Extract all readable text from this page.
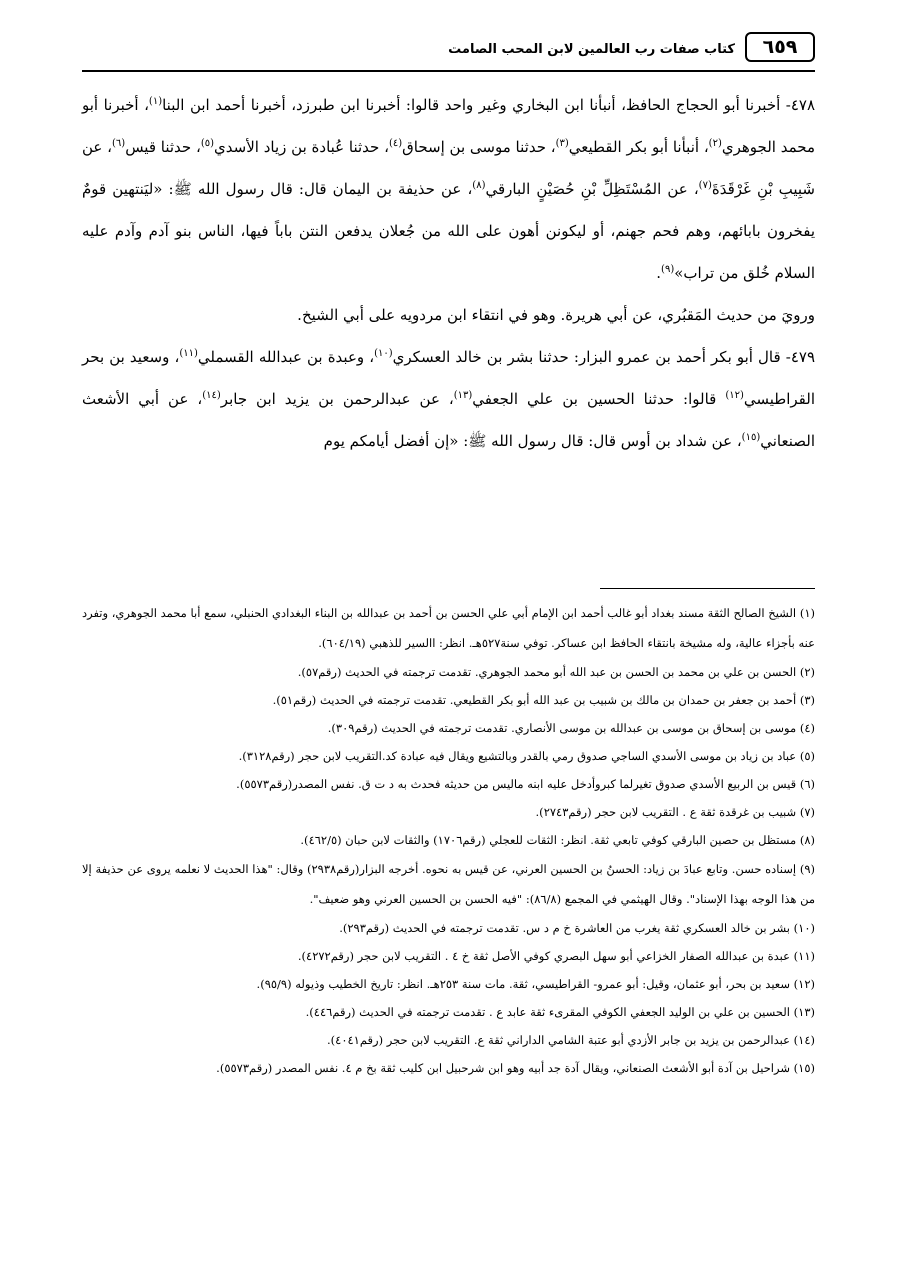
٦٥٩
كتاب صفات رب العالمين لابن المحب الصامت

٤٧٨- أخبرنا أبو الحجاج الحافظ، أنبأنا ابن البخاري وغير واحد قالوا: أخبرنا ابن طبرزد، أخبرنا أحمد ابن البنا$^{(١)}$، أخبرنا أبو محمد الجوهري$^{(٢)}$، أنبأنا أبو بكر القطيعي$^{(٣)}$، حدثنا موسى بن إسحاق$^{(٤)}$، حدثنا عُبادة بن زياد الأسدي$^{(٥)}$، حدثنا قيس$^{(٦)}$، عن شَبِيبِ بْنِ غَرْقَدَةَ$^{(٧)}$، عن المُسْتَظِلِّ بْنِ حُصَيْنٍ البارقي$^{(٨)}$، عن حذيفة بن اليمان قال: قال رسول الله ﷺ: «ليَنتهين قومٌ يفخرون بابائهم، وهم فحم جهنم، أو ليكونن أهون على الله من جُعلان يدفعن النتن باباً فيها، الناس بنو آدم وآدم عليه السلام خُلق من تراب»$^{(٩)}$.

ورويَ من حديث المَقبُري، عن أبي هريرة. وهو في انتقاء ابن مردويه على أبي الشيخ.

٤٧٩- قال أبو بكر أحمد بن عمرو البزار: حدثنا بشر بن خالد العسكري$^{(١٠)}$، وعبدة بن عبدالله القسملي$^{(١١)}$، وسعيد بن بحر القراطيسي$^{(١٢)}$ قالوا: حدثنا الحسين بن علي الجعفي$^{(١٣)}$، عن عبدالرحمن بن يزيد ابن جابر$^{(١٤)}$، عن أبي الأشعث الصنعاني$^{(١٥)}$، عن شداد بن أوس قال: قال رسول الله ﷺ: «إن أفضل أيامكم يوم

(١) الشيخ الصالح الثقة مسند بغداد أبو غالب أحمد ابن الإمام أبي علي الحسن بن أحمد بن عبدالله بن البناء البغدادي الحنبلي، سمع أبا محمد الجوهري، وتفرد عنه بأجزاء عالية، وله مشيخة بانتقاء الحافظ ابن عساكر. توفي سنة٥٢٧هـ. انظر: االسير للذهبي (٦٠٤/١٩).

(٢) الحسن بن علي بن محمد بن الحسن بن عبد الله أبو محمد الجوهري. تقدمت ترجمته في الحديث (رقم٥٧).

(٣) أحمد بن جعفر بن حمدان بن مالك بن شبيب بن عبد الله أبو بكر القطيعي. تقدمت ترجمته في الحديث (رقم٥١).

(٤) موسى بن إسحاق بن موسى بن عبدالله بن موسى الأنصاري. تقدمت ترجمته في الحديث (رقم٣٠٩).

(٥) عباد بن زياد بن موسى الأسدي الساجي صدوق رمي بالقدر وبالتشيع ويقال فيه عبادة كد.التقريب لابن حجر (رقم٣١٢٨).

(٦) قيس بن الربيع الأسدي صدوق تغيرلما كبروأدخل عليه ابنه ماليس من حديثه فحدث به د ت ق. نفس المصدر(رقم٥٥٧٣).

(٧) شبيب بن غرقدة ثقة ع . التقريب لابن حجر (رقم٢٧٤٣).

(٨) مستظل بن حصين البارقي كوفي تابعي ثقة. انظر: الثقات للعجلي (رقم١٧٠٦) والثقات لابن حبان (٤٦٢/٥).

(٩) إسناده حسن. وتابع عبادَ بن زياد: الحسنُ بن الحسين العرني، عن قيس به نحوه. أخرجه البزار(رقم٢٩٣٨) وقال: "هذا الحديث لا نعلمه يروى عن حذيفة إلا من هذا الوجه بهذا الإسناد". وقال الهيثمي في المجمع (٨٦/٨): "فيه الحسن بن الحسين العرني وهو ضعيف".

(١٠) بشر بن خالد العسكري ثقة يغرب من العاشرة خ م د س. تقدمت ترجمته في الحديث (رقم٢٩٣).

(١١) عبدة بن عبدالله الصفار الخزاعي أبو سهل البصري كوفي الأصل ثقة خ ٤ . التقريب لابن حجر (رقم٤٢٧٢).

(١٢) سعيد بن بحر، أبو عثمان، وقيل: أبو عمرو- القراطيسي، ثقة. مات سنة ٢٥٣هـ. انظر: تاريخ الخطيب وذيوله (٩٥/٩).

(١٣) الحسين بن علي بن الوليد الجعفي الكوفي المقرىء ثقة عابد ع . تقدمت ترجمته في الحديث (رقم٤٤٦).

(١٤) عبدالرحمن بن يزيد بن جابر الأزدي أبو عتبة الشامي الداراني ثقة ع. التقريب لابن حجر (رقم٤٠٤١).

(١٥) شراحيل بن آدة أبو الأشعث الصنعاني، ويقال آدة جد أبيه وهو ابن شرحبيل ابن كليب ثقة بخ م ٤. نفس المصدر (رقم٥٥٧٣).
